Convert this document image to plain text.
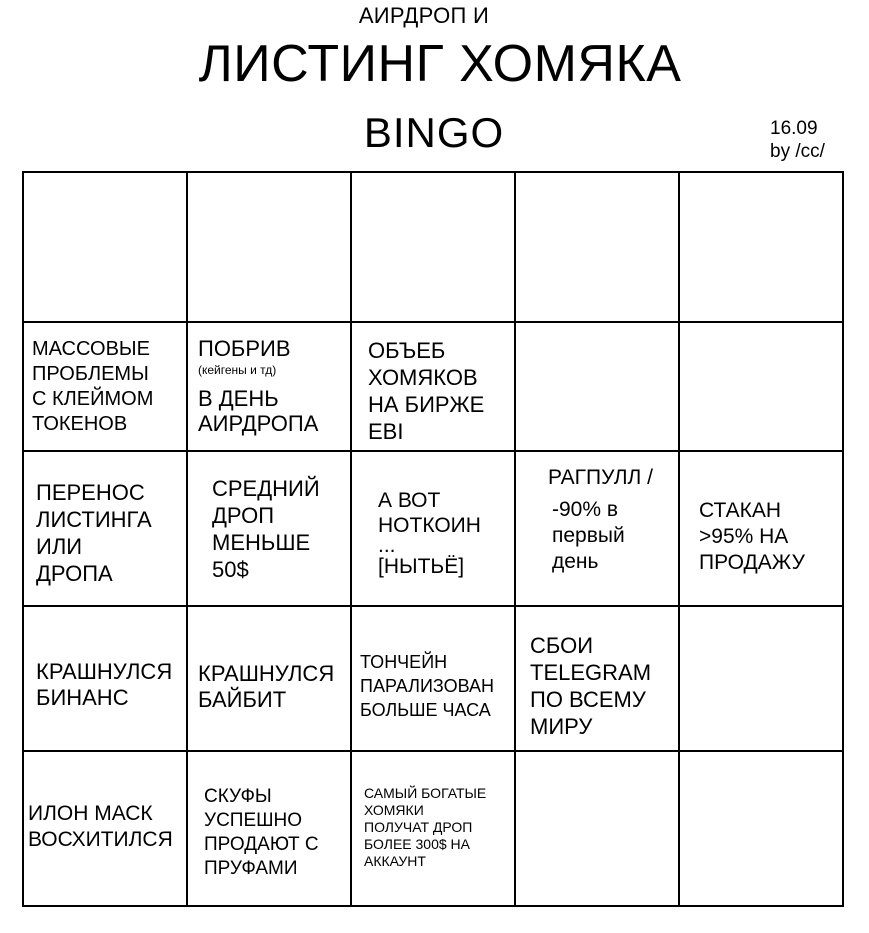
АИРДРОП И
ЛИСТИНГ ХОМЯКА
BINGO	16.09
by /cc/
МАССОВЫЕ
ПРОБЛЕМЫ
С КЛЕЙМОМ
ТОКЕНОВ
ПОБРИВ
(кейгены и тд)
В ДЕНЬ
АИРДРОПА
ОБЪЕБ
ХОМЯКОВ
НА БИРЖЕ
EBI
ПЕРЕНОС
ЛИСТИНГА
ИЛИ
ДРОПА
СРЕДНИЙ
ДРОП
МЕНЬШЕ
50$
А ВОТ
НОТКОИН
...
[НЫТЬЁ]
РАГПУЛЛ /
-90% в
первый
день
СТАКАН
>95% НА
ПРОДАЖУ
КРАШНУЛСЯ
БИНАНС
КРАШНУЛСЯ
БАЙБИТ
ТОНЧЕЙН
ПАРАЛИЗОВАН
БОЛЬШЕ ЧАСА
СБОИ
TELEGRAM
ПО ВСЕМУ
МИРУ
ИЛОН МАСК
ВОСХИТИЛСЯ
СКУФЫ
УСПЕШНО
ПРОДАЮТ С
ПРУФАМИ
САМЫЙ БОГАТЫЕ
ХОМЯКИ
ПОЛУЧАТ ДРОП
БОЛЕЕ 300$ НА
АККАУНТ
